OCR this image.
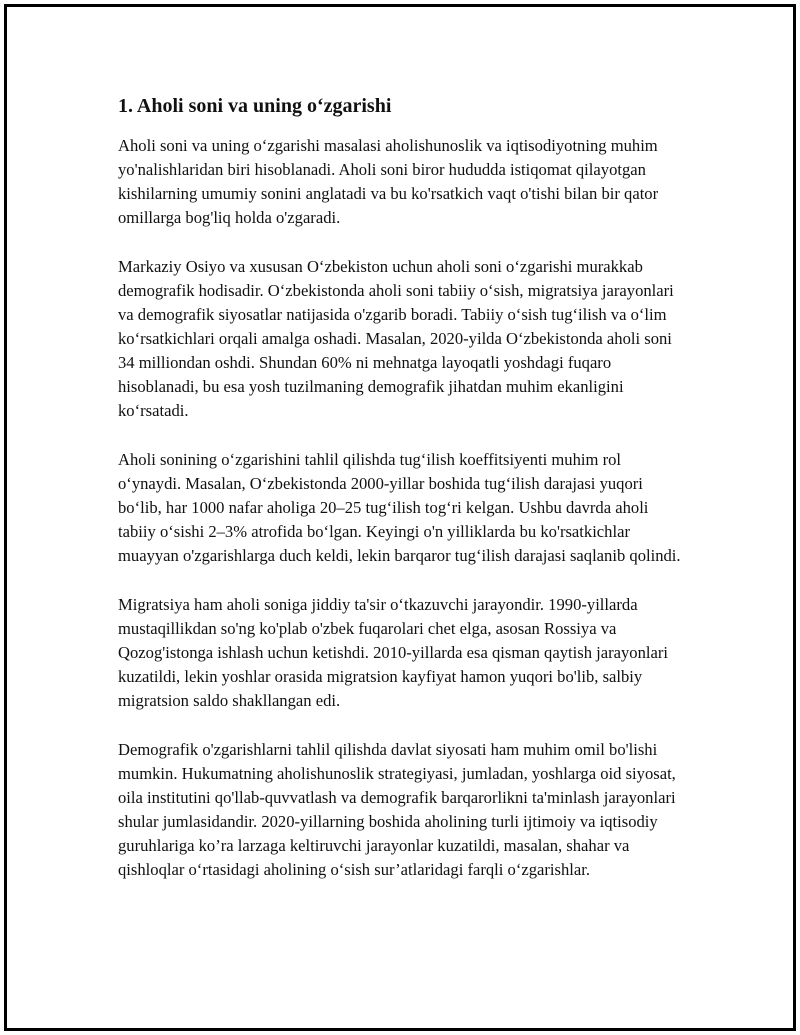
1. Aholi soni va uning oʻzgarishi

Aholi soni va uning oʻzgarishi masalasi aholishunoslik va iqtisodiyotning muhim yo'nalishlaridan biri hisoblanadi. Aholi soni biror hududda istiqomat qilayotgan kishilarning umumiy sonini anglatadi va bu ko'rsatkich vaqt o'tishi bilan bir qator omillarga bog'liq holda o'zgaradi.

Markaziy Osiyo va xususan Oʻzbekiston uchun aholi soni oʻzgarishi murakkab demografik hodisadir. Oʻzbekistonda aholi soni tabiiy oʻsish, migratsiya jarayonlari va demografik siyosatlar natijasida o'zgarib boradi. Tabiiy oʻsish tugʻilish va oʻlim koʻrsatkichlari orqali amalga oshadi. Masalan, 2020-yilda Oʻzbekistonda aholi soni 34 milliondan oshdi. Shundan 60% ni mehnatga layoqatli yoshdagi fuqaro hisoblanadi, bu esa yosh tuzilmaning demografik jihatdan muhim ekanligini koʻrsatadi.

Aholi sonining oʻzgarishini tahlil qilishda tugʻilish koeffitsiyenti muhim rol oʻynaydi. Masalan, Oʻzbekistonda 2000-yillar boshida tugʻilish darajasi yuqori boʻlib, har 1000 nafar aholiga 20–25 tugʻilish togʻri kelgan. Ushbu davrda aholi tabiiy oʻsishi 2–3% atrofida boʻlgan. Keyingi o'n yilliklarda bu ko'rsatkichlar muayyan o'zgarishlarga duch keldi, lekin barqaror tugʻilish darajasi saqlanib qolindi.

Migratsiya ham aholi soniga jiddiy ta'sir oʻtkazuvchi jarayondir. 1990-yillarda mustaqillikdan so'ng ko'plab o'zbek fuqarolari chet elga, asosan Rossiya va Qozog'istonga ishlash uchun ketishdi. 2010-yillarda esa qisman qaytish jarayonlari kuzatildi, lekin yoshlar orasida migratsion kayfiyat hamon yuqori bo'lib, salbiy migratsion saldo shakllangan edi.

Demografik o'zgarishlarni tahlil qilishda davlat siyosati ham muhim omil bo'lishi mumkin. Hukumatning aholishunoslik strategiyasi, jumladan, yoshlarga oid siyosat, oila institutini qo'llab-quvvatlash va demografik barqarorlikni ta'minlash jarayonlari shular jumlasidandir. 2020-yillarning boshida aholining turli ijtimoiy va iqtisodiy guruhlariga ko’ra larzaga keltiruvchi jarayonlar kuzatildi, masalan, shahar va qishloqlar oʻrtasidagi aholining oʻsish sur’atlaridagi farqli oʻzgarishlar.
